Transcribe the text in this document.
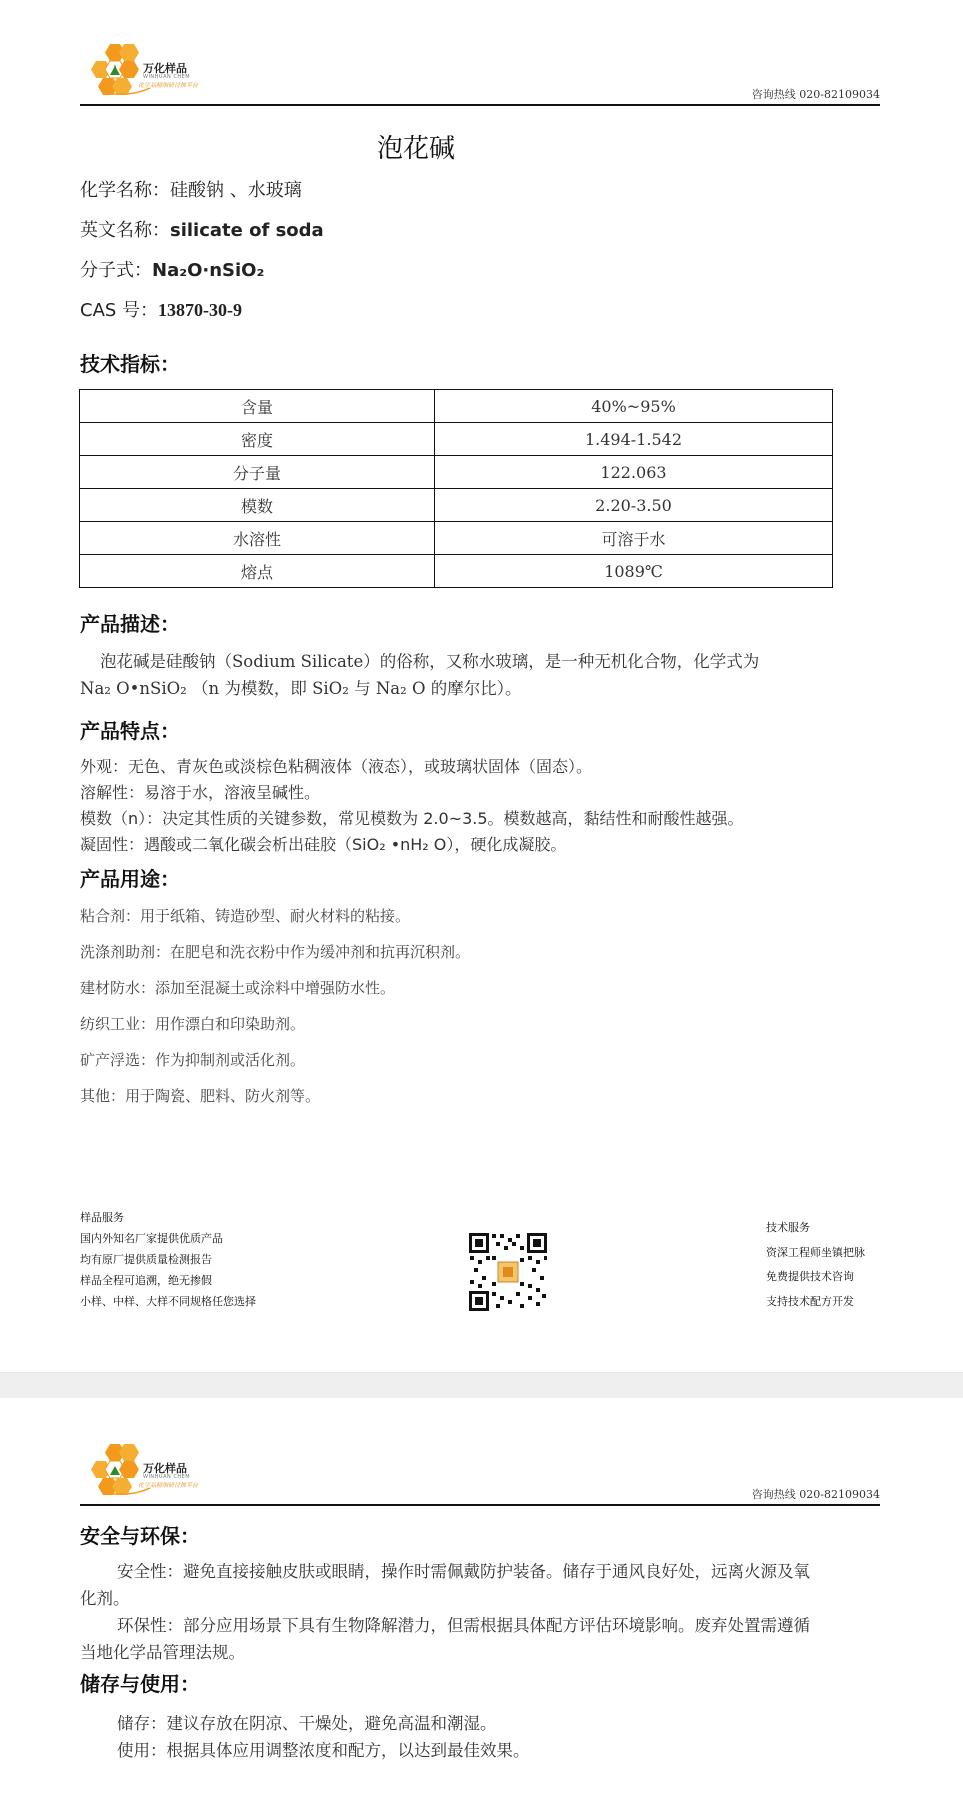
万化样品
WINHUAN CHEM
化学品精细研讨推平台
咨询热线 020-82109034
泡花碱
化学名称：硅酸钠 、水玻璃
英文名称：silicate of soda
分子式：Na₂O·nSiO₂
CAS 号：13870-30-9
技术指标：
含量	40%~95%
密度	1.494-1.542
分子量	122.063
模数	2.20-3.50
水溶性	可溶于水
熔点	1089℃
产品描述：
泡花碱是硅酸钠（Sodium Silicate）的俗称，又称水玻璃，是一种无机化合物，化学式为
Na₂ O•nSiO₂ （n 为模数，即 SiO₂ 与 Na₂ O 的摩尔比）。
产品特点：
外观：无色、青灰色或淡棕色粘稠液体（液态），或玻璃状固体（固态）。
溶解性：易溶于水，溶液呈碱性。
模数（n）：决定其性质的关键参数，常见模数为 2.0~3.5。模数越高，黏结性和耐酸性越强。
凝固性：遇酸或二氧化碳会析出硅胶（SiO₂ •nH₂ O），硬化成凝胶。
产品用途：
粘合剂：用于纸箱、铸造砂型、耐火材料的粘接。
洗涤剂助剂：在肥皂和洗衣粉中作为缓冲剂和抗再沉积剂。
建材防水：添加至混凝土或涂料中增强防水性。
纺织工业：用作漂白和印染助剂。
矿产浮选：作为抑制剂或活化剂。
其他：用于陶瓷、肥料、防火剂等。
样品服务
国内外知名厂家提供优质产品
均有原厂提供质量检测报告
样品全程可追溯，绝无掺假
小样、中样、大样不同规格任您选择
技术服务
资深工程师坐镇把脉
免费提供技术咨询
支持技术配方开发
万化样品
WINHUAN CHEM
化学品精细研讨推平台
咨询热线 020-82109034
安全与环保：
安全性：避免直接接触皮肤或眼睛，操作时需佩戴防护装备。储存于通风良好处，远离火源及氧
化剂。
环保性：部分应用场景下具有生物降解潜力，但需根据具体配方评估环境影响。废弃处置需遵循
当地化学品管理法规。
储存与使用：
储存：建议存放在阴凉、干燥处，避免高温和潮湿。
使用：根据具体应用调整浓度和配方，以达到最佳效果。
